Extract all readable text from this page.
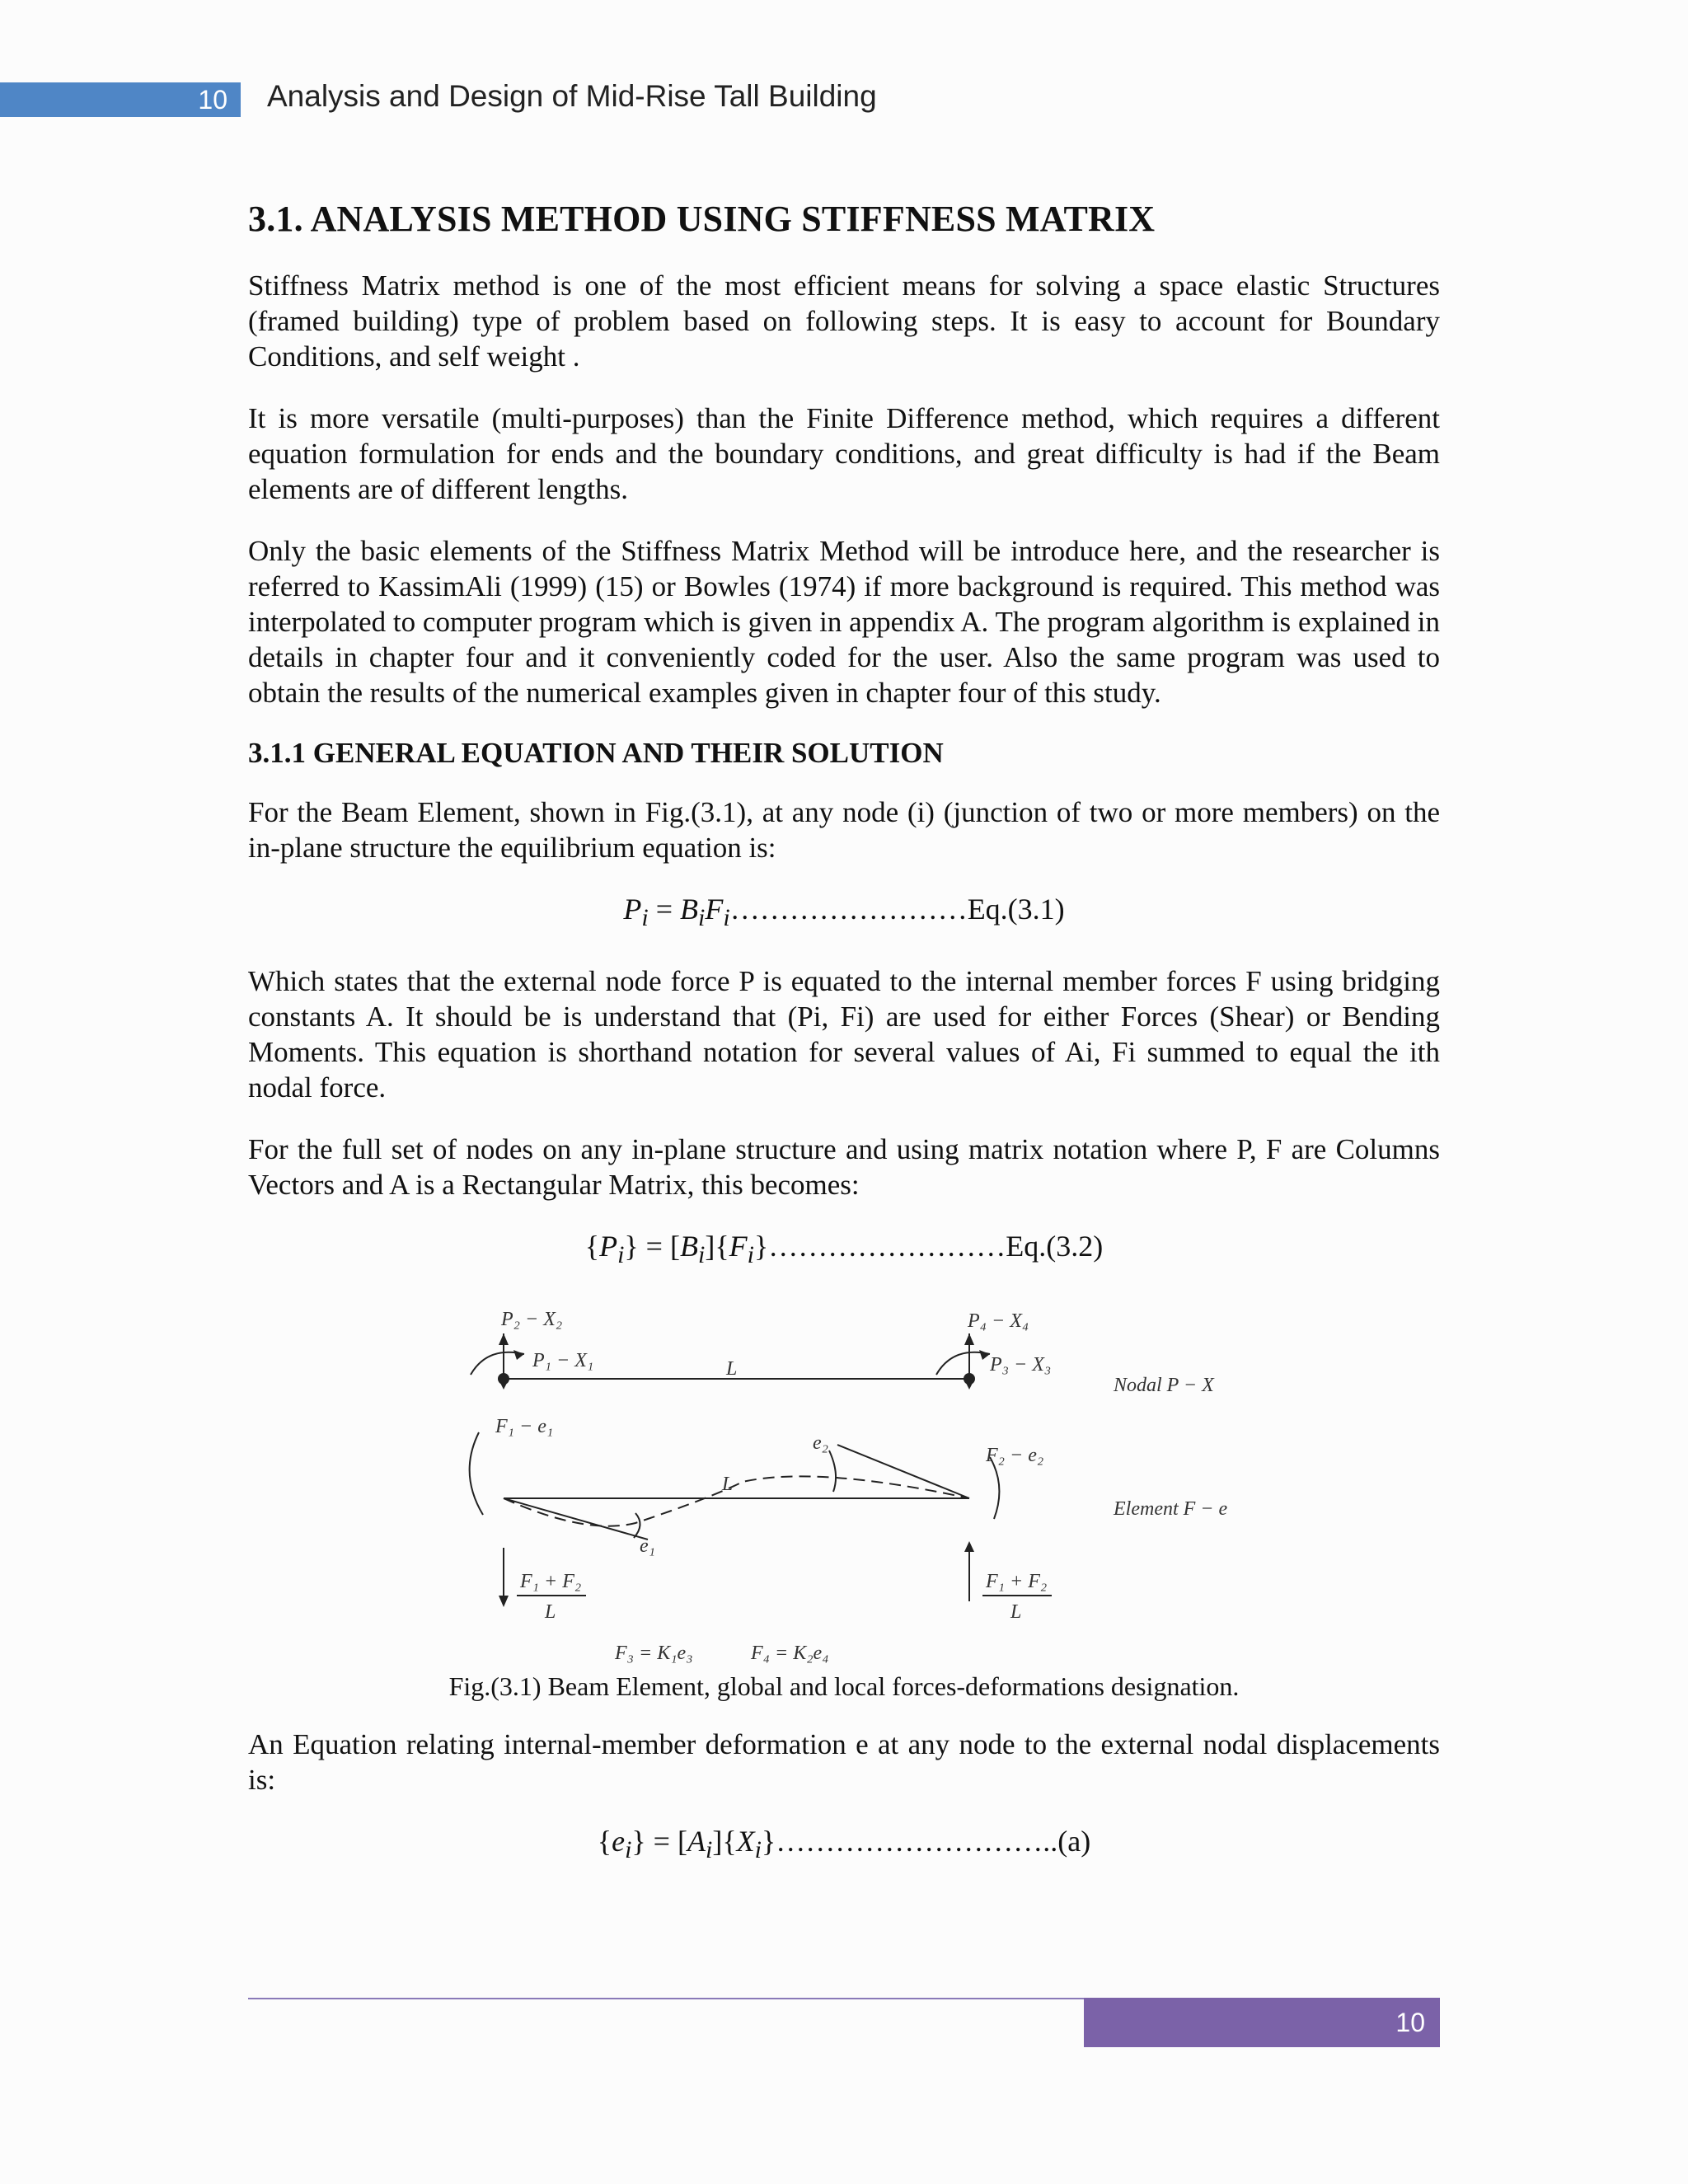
10	Analysis and Design of Mid-Rise Tall Building
3.1. ANALYSIS METHOD USING STIFFNESS MATRIX

Stiffness Matrix method is one of the most efficient means for solving a space elastic Structures (framed building) type of problem based on following steps. It is easy to account for Boundary Conditions, and self weight .

It is more versatile (multi-purposes) than the Finite Difference method, which requires a different equation formulation for ends and the boundary conditions, and great difficulty is had if the Beam elements are of different lengths.

Only the basic elements of the Stiffness Matrix Method will be introduce here, and the researcher is referred to KassimAli (1999) (15) or Bowles (1974) if more background is required. This method was interpolated to computer program which is given in appendix A. The program algorithm is explained in details in chapter four and it conveniently coded for the user. Also the same program was used to obtain the results of the numerical examples given in chapter four of this study.

3.1.1 GENERAL EQUATION AND THEIR SOLUTION

For the Beam Element, shown in Fig.(3.1), at any node (i) (junction of two or more members) on the in-plane structure the equilibrium equation is:

$P_i$ = $B_iF_i\dots\dots\dots\dots\dots\dots\dots\dots Eq.(3.1)$

Which states that the external node force P is equated to the internal member forces F using bridging constants A. It should be is understand that (Pi, Fi) are used for either Forces (Shear) or Bending Moments. This equation is shorthand notation for several values of Ai, Fi summed to equal the ith nodal force.

For the full set of nodes on any in-plane structure and using matrix notation where P, F are Columns Vectors and A is a Rectangular Matrix, this becomes:

$\{P_i\}$ = $[B_i]\{F_i\}\dots\dots\dots\dots\dots\dots\dots\dots Eq.(3.2)$
P₂ − X₂
P₁ − X₁
P₄ − X₄
P₃ − X₃
L
Nodal P − X
F₁ − e₁
F₂ − e₂
e₂
e₁
L
Element F − e
F₁ + F₂
L
F₁ + F₂
L
F₃ = K₁e₃	F₄ = K₂e₄
Fig.(3.1) Beam Element, global and local forces-deformations designation.

An Equation relating internal-member deformation e at any node to the external nodal displacements is:

$\{e_i\}$ = $[A_i]\{X_i\}\dots\dots\dots\dots\dots\dots\dots\dots\dots..(a)$
10
